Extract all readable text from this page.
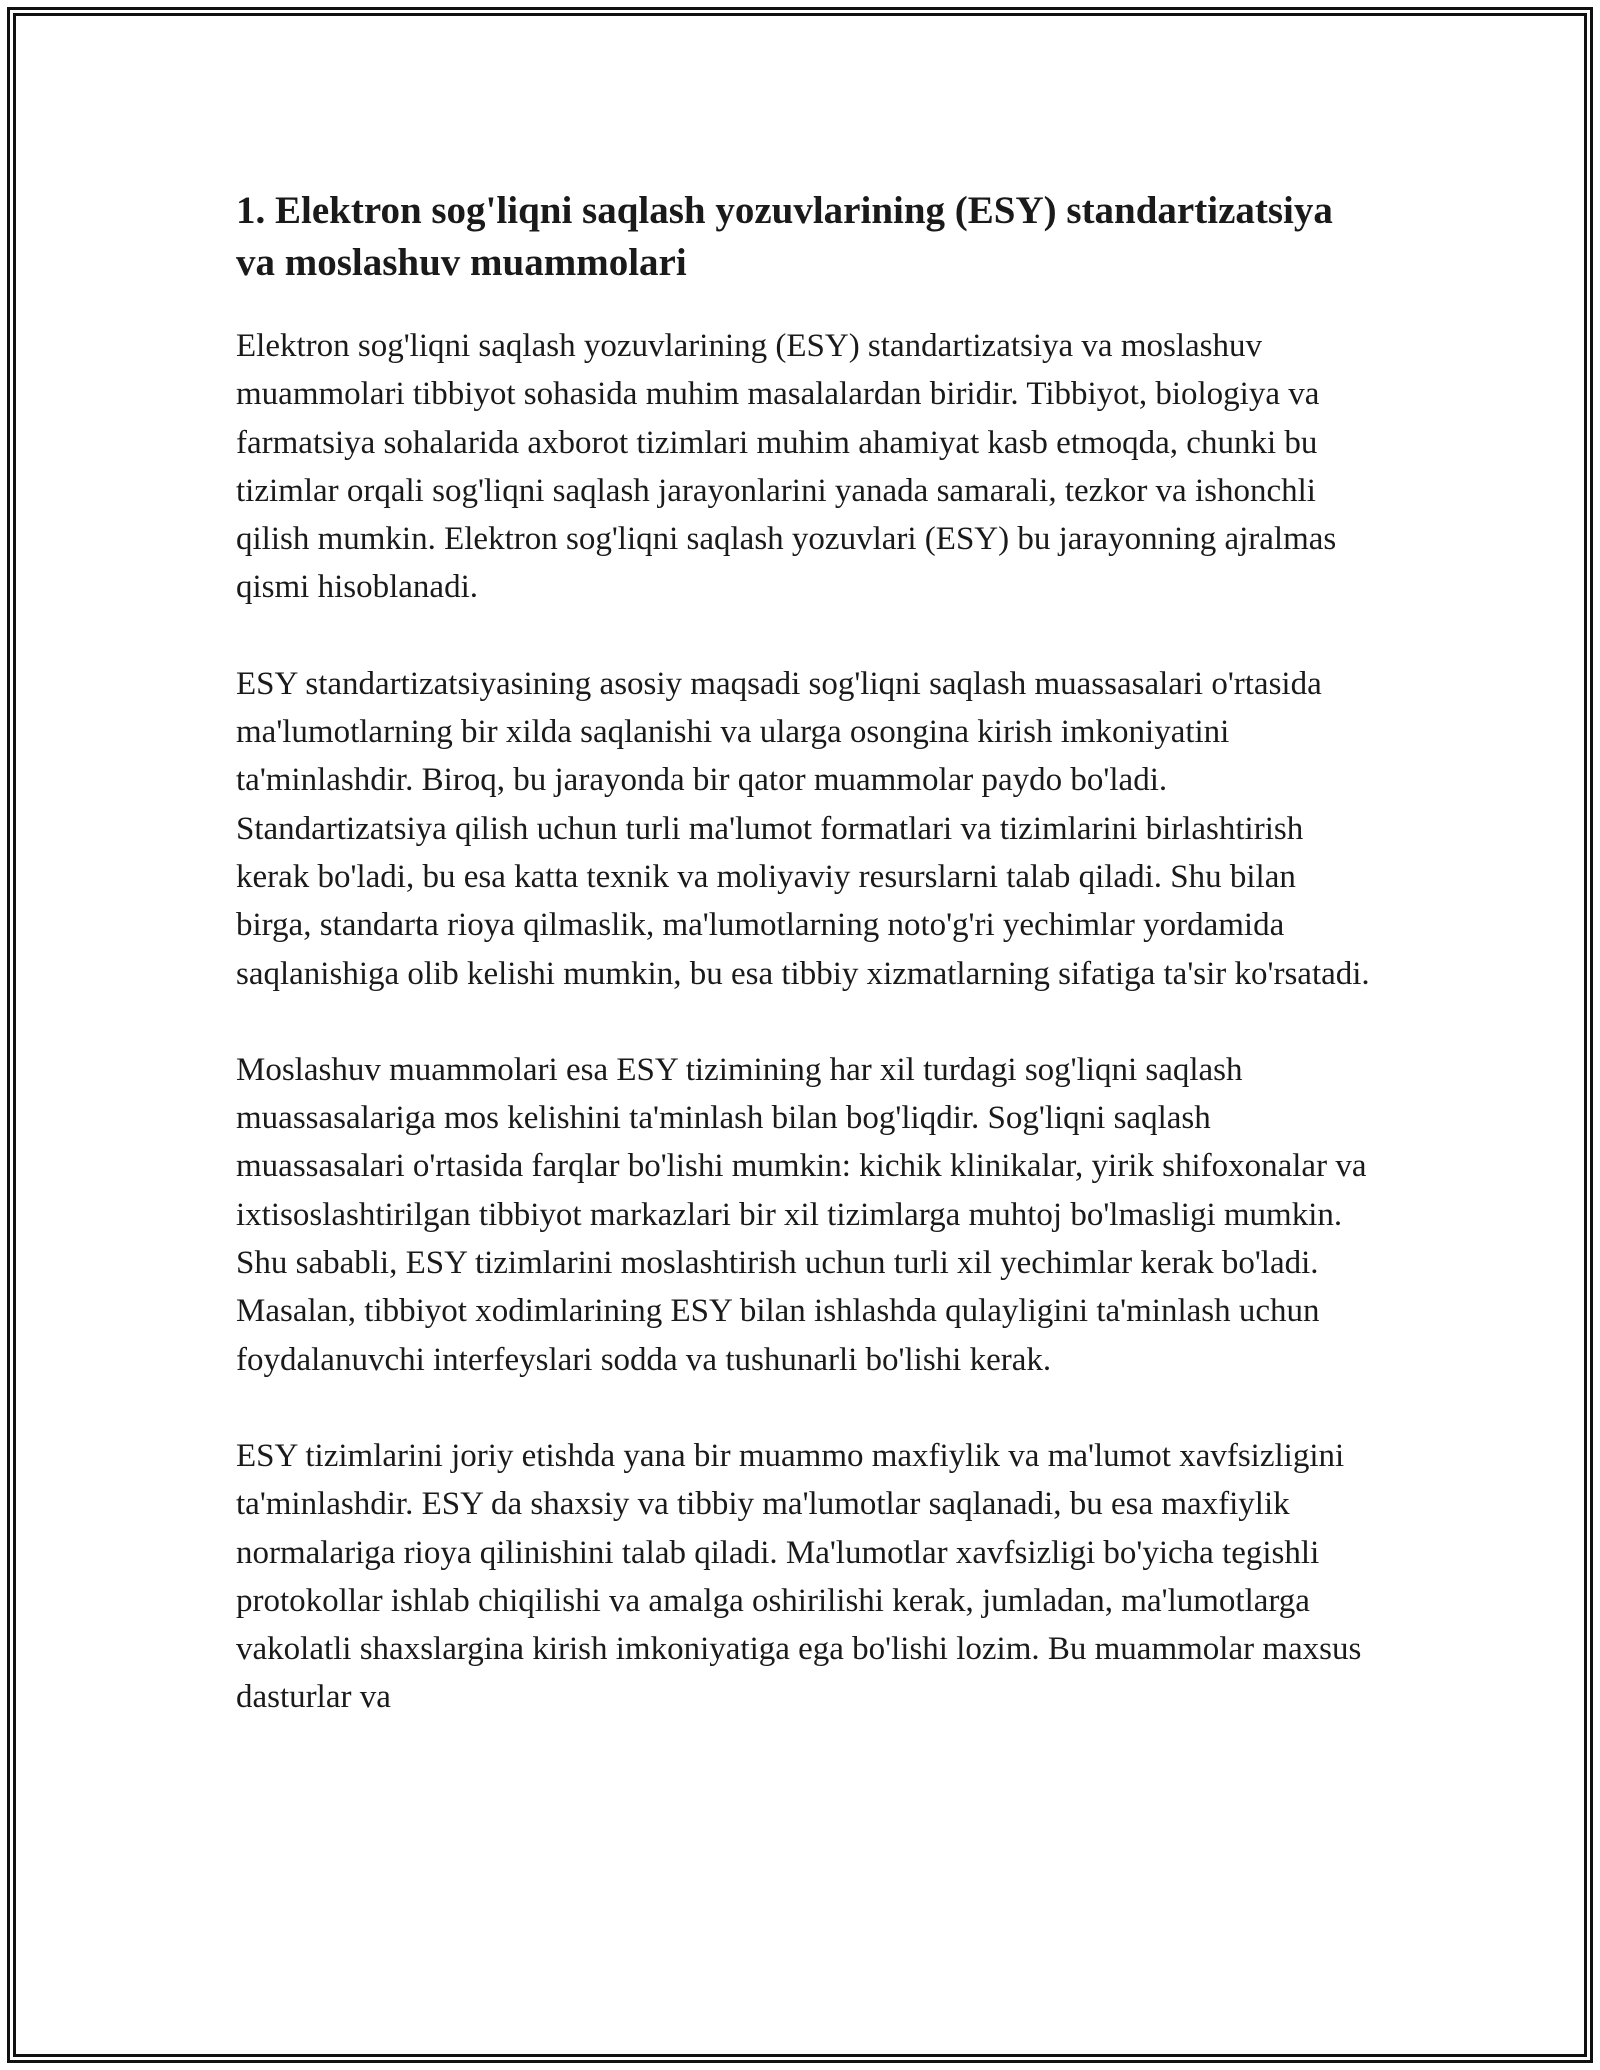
1. Elektron sog'liqni saqlash yozuvlarining (ESY) standartizatsiya va moslashuv muammolari

Elektron sog'liqni saqlash yozuvlarining (ESY) standartizatsiya va moslashuv muammolari tibbiyot sohasida muhim masalalardan biridir. Tibbiyot, biologiya va farmatsiya sohalarida axborot tizimlari muhim ahamiyat kasb etmoqda, chunki bu tizimlar orqali sog'liqni saqlash jarayonlarini yanada samarali, tezkor va ishonchli qilish mumkin. Elektron sog'liqni saqlash yozuvlari (ESY) bu jarayonning ajralmas qismi hisoblanadi.

ESY standartizatsiyasining asosiy maqsadi sog'liqni saqlash muassasalari o'rtasida ma'lumotlarning bir xilda saqlanishi va ularga osongina kirish imkoniyatini ta'minlashdir. Biroq, bu jarayonda bir qator muammolar paydo bo'ladi. Standartizatsiya qilish uchun turli ma'lumot formatlari va tizimlarini birlashtirish kerak bo'ladi, bu esa katta texnik va moliyaviy resurslarni talab qiladi. Shu bilan birga, standarta rioya qilmaslik, ma'lumotlarning noto'g'ri yechimlar yordamida saqlanishiga olib kelishi mumkin, bu esa tibbiy xizmatlarning sifatiga ta'sir ko'rsatadi.

Moslashuv muammolari esa ESY tizimining har xil turdagi sog'liqni saqlash muassasalariga mos kelishini ta'minlash bilan bog'liqdir. Sog'liqni saqlash muassasalari o'rtasida farqlar bo'lishi mumkin: kichik klinikalar, yirik shifoxonalar va ixtisoslashtirilgan tibbiyot markazlari bir xil tizimlarga muhtoj bo'lmasligi mumkin. Shu sababli, ESY tizimlarini moslashtirish uchun turli xil yechimlar kerak bo'ladi. Masalan, tibbiyot xodimlarining ESY bilan ishlashda qulayligini ta'minlash uchun foydalanuvchi interfeyslari sodda va tushunarli bo'lishi kerak.

ESY tizimlarini joriy etishda yana bir muammo maxfiylik va ma'lumot xavfsizligini ta'minlashdir. ESY da shaxsiy va tibbiy ma'lumotlar saqlanadi, bu esa maxfiylik normalariga rioya qilinishini talab qiladi. Ma'lumotlar xavfsizligi bo'yicha tegishli protokollar ishlab chiqilishi va amalga oshirilishi kerak, jumladan, ma'lumotlarga vakolatli shaxslargina kirish imkoniyatiga ega bo'lishi lozim. Bu muammolar maxsus dasturlar va
